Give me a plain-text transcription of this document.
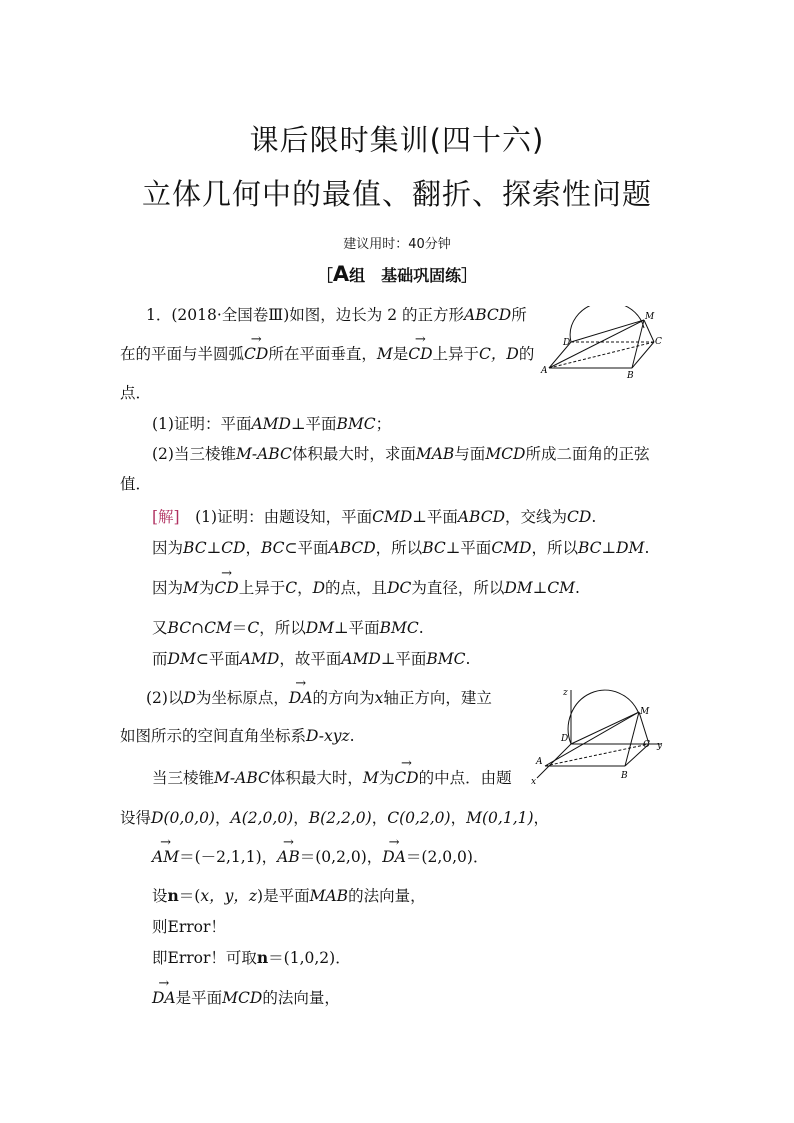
课后限时集训(四十六)
立体几何中的最值、翻折、探索性问题
建议用时：40分钟
［A组　基础巩固练］
1．(2018·全国卷Ⅲ)如图，边长为 2 的正方形ABCD所
在的平面与半圆弧→ CD所在平面垂直，M是→ CD上异于C，D的
点．
(1)证明：平面AMD⊥平面BMC；
(2)当三棱锥M-ABC体积最大时，求面MAB与面MCD所成二面角的正弦
值．
M
D	C
A	B
[解]　 (1)证明：由题设知，平面CMD⊥平面ABCD，交线为CD.
因为BC⊥CD，BC⊂平面ABCD，所以BC⊥平面CMD，所以BC⊥DM.
因为M为→ CD上异于C，D的点，且DC为直径，所以DM⊥CM.
又BC∩CM＝C，所以DM⊥平面BMC.
而DM⊂平面AMD，故平面AMD⊥平面BMC.
(2)以D为坐标原点，→ DA的方向为x轴正方向，建立
如图所示的空间直角坐标系D-xyz.
z
M
D
C y
A
B
x
当三棱锥M-ABC体积最大时，M为→ CD的中点．由题
设得D(0,0,0)，A(2,0,0)，B(2,2,0)，C(0,2,0)，M(0,1,1)，
→ AM＝(－2,1,1)，→ AB＝(0,2,0)，→ DA＝(2,0,0)．
设n＝(x，y，z)是平面MAB的法向量，
则Error！
即Error！可取n＝(1,0,2)．
→ DA是平面MCD的法向量，
